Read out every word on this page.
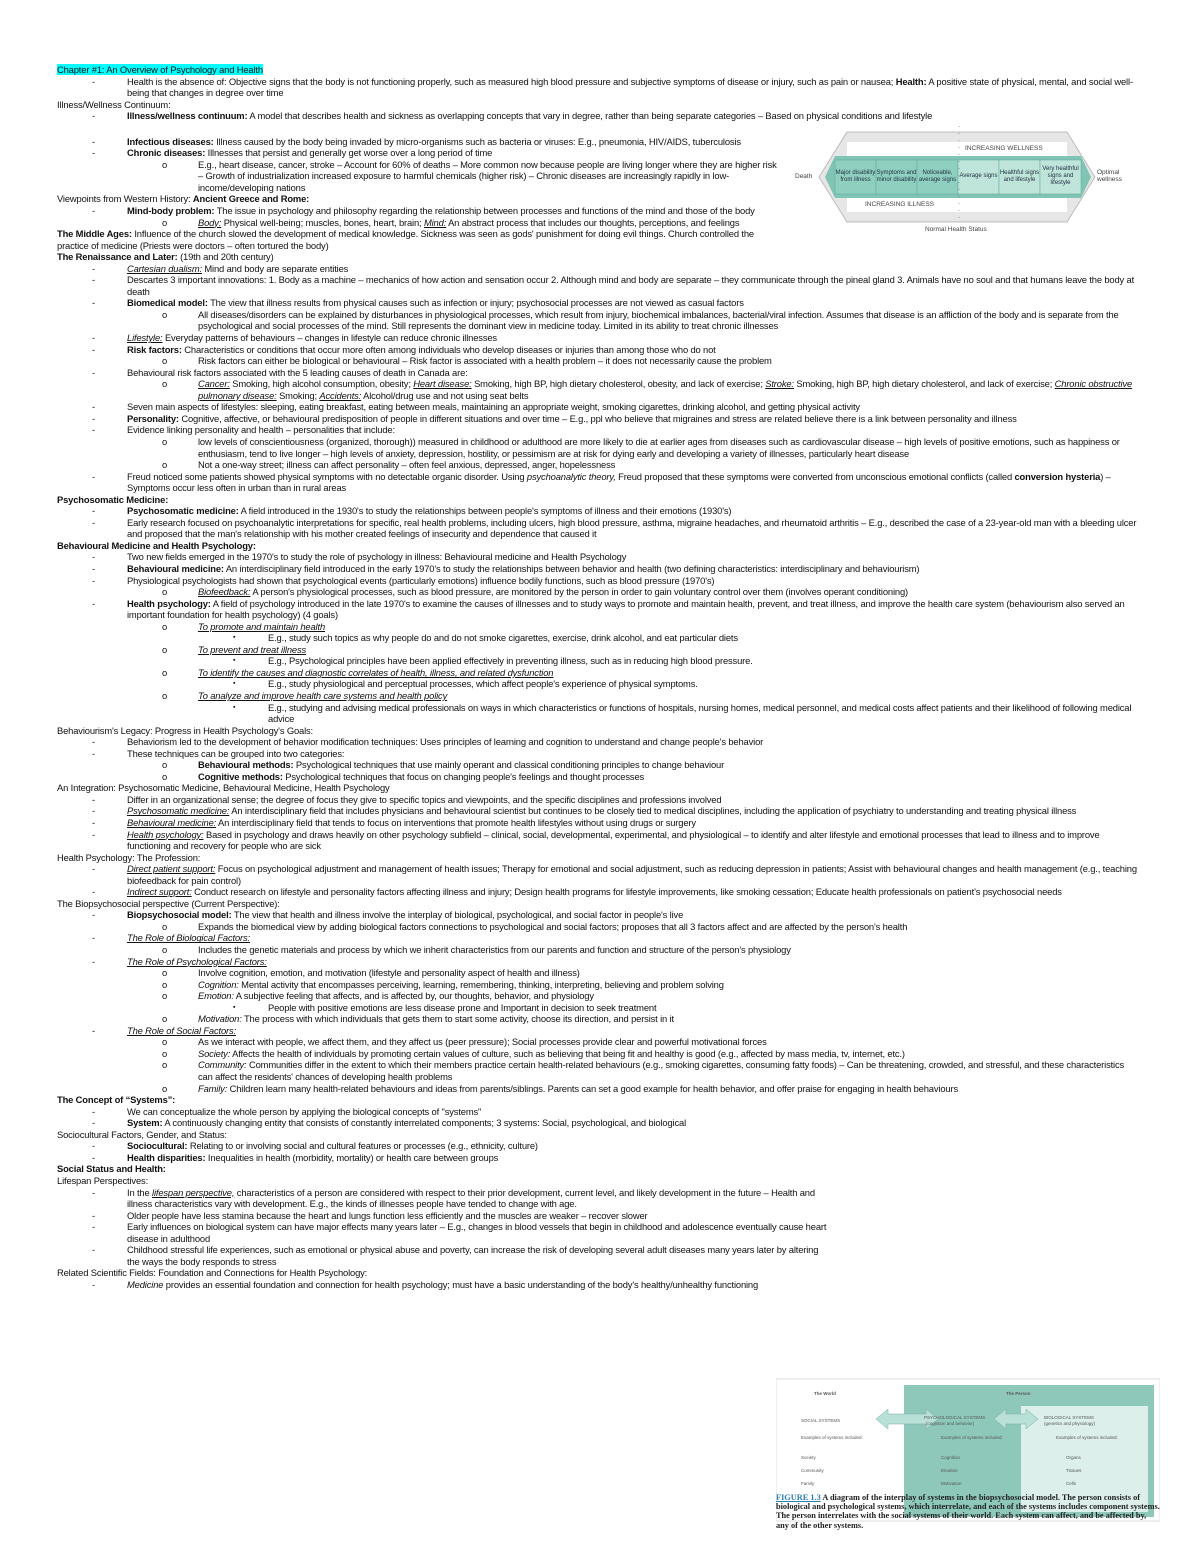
Chapter #1: An Overview of Psychology and Health
-	Health is the absence of: Objective signs that the body is not functioning properly, such as measured high blood pressure and subjective symptoms of disease or injury, such as pain or nausea; Health: A positive state of physical, mental, and social well-being that changes in degree over time
Illness/Wellness Continuum:
-	Illness/wellness continuum: A model that describes health and sickness as overlapping concepts that vary in degree, rather than being separate categories – Based on physical conditions and lifestyle
Death
Optimal wellness
INCREASING WELLNESS
INCREASING ILLNESS
Normal Health Status
Major disability from illness
Symptoms and minor disability
Noticeable, average signs
Average signs
Healthful signs and lifestyle
Very healthful signs and lifestyle
-	Infectious diseases: Illness caused by the body being invaded by micro-organisms such as bacteria or viruses: E.g., pneumonia, HIV/AIDS, tuberculosis
-	Chronic diseases: Illnesses that persist and generally get worse over a long period of time
o	E.g., heart disease, cancer, stroke – Account for 60% of deaths – More common now because people are living longer where they are higher risk – Growth of industrialization increased exposure to harmful chemicals (higher risk) – Chronic diseases are increasingly rapidly in low-income/developing nations
Viewpoints from Western History: Ancient Greece and Rome:
-	Mind-body problem: The issue in psychology and philosophy regarding the relationship between processes and functions of the mind and those of the body
o	Body: Physical well-being; muscles, bones, heart, brain; Mind: An abstract process that includes our thoughts, perceptions, and feelings
The Middle Ages: Influence of the church slowed the development of medical knowledge. Sickness was seen as gods' punishment for doing evil things. Church controlled the practice of medicine (Priests were doctors – often tortured the body)
The Renaissance and Later: (19th and 20th century)
-	Cartesian dualism: Mind and body are separate entities
-	Descartes 3 important innovations: 1. Body as a machine – mechanics of how action and sensation occur 2. Although mind and body are separate – they communicate through the pineal gland 3. Animals have no soul and that humans leave the body at death
-	Biomedical model: The view that illness results from physical causes such as infection or injury; psychosocial processes are not viewed as casual factors
o	All diseases/disorders can be explained by disturbances in physiological processes, which result from injury, biochemical imbalances, bacterial/viral infection. Assumes that disease is an affliction of the body and is separate from the psychological and social processes of the mind. Still represents the dominant view in medicine today. Limited in its ability to treat chronic illnesses
-	Lifestyle: Everyday patterns of behaviours – changes in lifestyle can reduce chronic illnesses
-	Risk factors: Characteristics or conditions that occur more often among individuals who develop diseases or injuries than among those who do not
o	Risk factors can either be biological or behavioural – Risk factor is associated with a health problem – it does not necessarily cause the problem
-	Behavioural risk factors associated with the 5 leading causes of death in Canada are:
o	Cancer: Smoking, high alcohol consumption, obesity; Heart disease: Smoking, high BP, high dietary cholesterol, obesity, and lack of exercise; Stroke: Smoking, high BP, high dietary cholesterol, and lack of exercise; Chronic obstructive pulmonary disease: Smoking; Accidents: Alcohol/drug use and not using seat belts
-	Seven main aspects of lifestyles: sleeping, eating breakfast, eating between meals, maintaining an appropriate weight, smoking cigarettes, drinking alcohol, and getting physical activity
-	Personality: Cognitive, affective, or behavioural predisposition of people in different situations and over time – E.g., ppl who believe that migraines and stress are related believe there is a link between personality and illness
-	Evidence linking personality and health – personalities that include:
o	low levels of conscientiousness (organized, thorough)) measured in childhood or adulthood are more likely to die at earlier ages from diseases such as cardiovascular disease – high levels of positive emotions, such as happiness or enthusiasm, tend to live longer – high levels of anxiety, depression, hostility, or pessimism are at risk for dying early and developing a variety of illnesses, particularly heart disease
o	Not a one-way street; illness can affect personality – often feel anxious, depressed, anger, hopelessness
-	Freud noticed some patients showed physical symptoms with no detectable organic disorder. Using psychoanalytic theory, Freud proposed that these symptoms were converted from unconscious emotional conflicts (called conversion hysteria) – Symptoms occur less often in urban than in rural areas
Psychosomatic Medicine:
-	Psychosomatic medicine: A field introduced in the 1930's to study the relationships between people's symptoms of illness and their emotions (1930's)
-	Early research focused on psychoanalytic interpretations for specific, real health problems, including ulcers, high blood pressure, asthma, migraine headaches, and rheumatoid arthritis – E.g., described the case of a 23-year-old man with a bleeding ulcer and proposed that the man's relationship with his mother created feelings of insecurity and dependence that caused it
Behavioural Medicine and Health Psychology:
-	Two new fields emerged in the 1970's to study the role of psychology in illness: Behavioural medicine and Health Psychology
-	Behavioural medicine: An interdisciplinary field introduced in the early 1970's to study the relationships between behavior and health (two defining characteristics: interdisciplinary and behaviourism)
-	Physiological psychologists had shown that psychological events (particularly emotions) influence bodily functions, such as blood pressure (1970's)
o	Biofeedback: A person's physiological processes, such as blood pressure, are monitored by the person in order to gain voluntary control over them (involves operant conditioning)
-	Health psychology: A field of psychology introduced in the late 1970's to examine the causes of illnesses and to study ways to promote and maintain health, prevent, and treat illness, and improve the health care system (behaviourism also served an important foundation for health psychology) (4 goals)
o	To promote and maintain health
▪	E.g., study such topics as why people do and do not smoke cigarettes, exercise, drink alcohol, and eat particular diets
o	To prevent and treat illness
▪	E.g., Psychological principles have been applied effectively in preventing illness, such as in reducing high blood pressure.
o	To identify the causes and diagnostic correlates of health, illness, and related dysfunction
▪	E.g., study physiological and perceptual processes, which affect people's experience of physical symptoms.
o	To analyze and improve health care systems and health policy
▪	E.g., studying and advising medical professionals on ways in which characteristics or functions of hospitals, nursing homes, medical personnel, and medical costs affect patients and their likelihood of following medical advice
Behaviourism's Legacy: Progress in Health Psychology's Goals:
-	Behaviorism led to the development of behavior modification techniques: Uses principles of learning and cognition to understand and change people's behavior
-	These techniques can be grouped into two categories:
o	Behavioural methods: Psychological techniques that use mainly operant and classical conditioning principles to change behaviour
o	Cognitive methods: Psychological techniques that focus on changing people's feelings and thought processes
An Integration: Psychosomatic Medicine, Behavioural Medicine, Health Psychology
-	Differ in an organizational sense; the degree of focus they give to specific topics and viewpoints, and the specific disciplines and professions involved
-	Psychosomatic medicine: An interdisciplinary field that includes physicians and behavioural scientist but continues to be closely tied to medical disciplines, including the application of psychiatry to understanding and treating physical illness
-	Behavioural medicine: An interdisciplinary field that tends to focus on interventions that promote health lifestyles without using drugs or surgery
-	Health psychology: Based in psychology and draws heavily on other psychology subfield – clinical, social, developmental, experimental, and physiological – to identify and alter lifestyle and emotional processes that lead to illness and to improve functioning and recovery for people who are sick
Health Psychology: The Profession:
-	Direct patient support: Focus on psychological adjustment and management of health issues; Therapy for emotional and social adjustment, such as reducing depression in patients; Assist with behavioural changes and health management (e.g., teaching biofeedback for pain control)
-	Indirect support: Conduct research on lifestyle and personality factors affecting illness and injury; Design health programs for lifestyle improvements, like smoking cessation; Educate health professionals on patient's psychosocial needs
The Biopsychosocial perspective (Current Perspective):
-	Biopsychosocial model: The view that health and illness involve the interplay of biological, psychological, and social factor in people's live
o	Expands the biomedical view by adding biological factors connections to psychological and social factors; proposes that all 3 factors affect and are affected by the person's health
-	The Role of Biological Factors:
o	Includes the genetic materials and process by which we inherit characteristics from our parents and function and structure of the person's physiology
-	The Role of Psychological Factors:
o	Involve cognition, emotion, and motivation (lifestyle and personality aspect of health and illness)
o	Cognition: Mental activity that encompasses perceiving, learning, remembering, thinking, interpreting, believing and problem solving
o	Emotion: A subjective feeling that affects, and is affected by, our thoughts, behavior, and physiology
▪	People with positive emotions are less disease prone and Important in decision to seek treatment
o	Motivation: The process with which individuals that gets them to start some activity, choose its direction, and persist in it
-	The Role of Social Factors:
o	As we interact with people, we affect them, and they affect us (peer pressure); Social processes provide clear and powerful motivational forces
o	Society: Affects the health of individuals by promoting certain values of culture, such as believing that being fit and healthy is good (e.g., affected by mass media, tv, internet, etc.)
o	Community: Communities differ in the extent to which their members practice certain health-related behaviours (e.g., smoking cigarettes, consuming fatty foods) – Can be threatening, crowded, and stressful, and these characteristics can affect the residents' chances of developing health problems
o	Family: Children learn many health-related behaviours and ideas from parents/siblings. Parents can set a good example for health behavior, and offer praise for engaging in health behaviours
The Concept of “Systems”:
-	We can conceptualize the whole person by applying the biological concepts of "systems"
-	System: A continuously changing entity that consists of constantly interrelated components; 3 systems: Social, psychological, and biological
Sociocultural Factors, Gender, and Status:
-	Sociocultural: Relating to or involving social and cultural features or processes (e.g., ethnicity, culture)
-	Health disparities: Inequalities in health (morbidity, mortality) or health care between groups
Social Status and Health:
Lifespan Perspectives:
-	In the lifespan perspective, characteristics of a person are considered with respect to their prior development, current level, and likely development in the future – Health and illness characteristics vary with development. E.g., the kinds of illnesses people have tended to change with age.
-	Older people have less stamina because the heart and lungs function less efficiently and the muscles are weaker – recover slower
-	Early influences on biological system can have major effects many years later – E.g., changes in blood vessels that begin in childhood and adolescence eventually cause heart disease in adulthood
-	Childhood stressful life experiences, such as emotional or physical abuse and poverty, can increase the risk of developing several adult diseases many years later by altering the ways the body responds to stress
Related Scientific Fields: Foundation and Connections for Health Psychology:
-	Medicine provides an essential foundation and connection for health psychology; must have a basic understanding of the body's healthy/unhealthy functioning
The World	The Person
SOCIAL SYSTEMS
Examples of systems included:
Society
Community
Family
PSYCHOLOGICAL SYSTEMS
(cognition and behavior)
Examples of systems included:
Cognition
Emotion
Motivation
BIOLOGICAL SYSTEMS
(genetics and physiology)
Examples of systems included:
Organs
Tissues
Cells
FIGURE 1.3 A diagram of the interplay of systems in the biopsychosocial model. The person consists of biological and psychological systems, which interrelate, and each of the systems includes component systems. The person interrelates with the social systems of their world. Each system can affect, and be affected by, any of the other systems.
